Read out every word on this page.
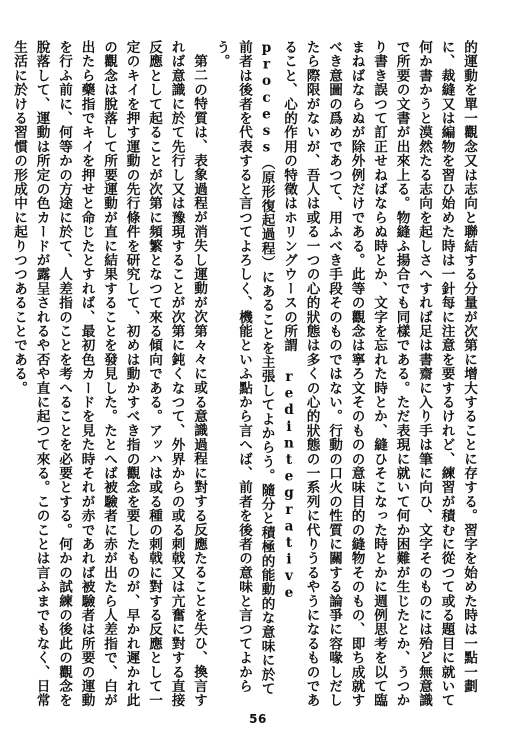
的運動を單一觀念又は志向と聯結する分量が次第に增大することに存する。習字を始めた時は一點一劃に、裁縫又は編物を習ひ始めた時は一針每に注意を要するけれど、練習が積むに從つて或る題目に就いて何か書かうと漠然たる志向を起しさへすれば足は書齋に入り手は筆に向ひ、文字そのものには殆ど無意識で所要の文書が出來上る。物縫ふ揚合でも同樣である。ただ表現に就いて何か困難が生じたとか、うつかり書き誤つて訂正せねばならぬ時とか、文字を忘れた時とか、縫ひそこなった時とかに週例思考を以て臨まねばならぬが除外例だけである。此等の觀念は寧ろ文そのものの意味目的の縫物そのもの、即ち成就すべき意圖の爲めであつて、用ふべき手段そのものではない。行動の口火の性質に關する論爭に容喙しだしたら際限がないが、吾人は或る一つの心的狀態は多くの心的狀態の一系列に代りうるやうになるものであること、心的作用の特徵はホリングウースの所謂 redintegrative process（原形復起過程）にあることを主張してよからう。隨分と積極的能動的な意味に於て前者は後者を代表すると言つてよろしく、機能といふ點から言へば、前者を後者の意味と言つてよからう。

第二の特質は、表象過程が消失し運動が次第々々に或る意識過程に對する反應たることを失ひ、換言すれば意識に於て先行し又は豫現することが次第に鈍くなつて、外界からの或る刺戟又は亢奮に對する直接反應として起ることが次第に頻繁となつて來る傾向である。アッハは或る種の刺戟に對する反應として一定のキイを押す運動の先行條件を研究して、初めは動かすべき指の觀念を要したものが、早かれ遲かれ此の觀念は脫落して所要運動が直に結果することを發見した。たとへば被驗者に赤が出たら人差指で、白が出たら藥指でキイを押せと命じたとすれば、最初色カードを見た時それが赤であれば被驗者は所要の運動を行ふ前に、何等かの方途に於て、人差指のことを考へることを必要とする。何かの試練の後此の觀念を脫落して、運動は所定の色カードが露呈されるや否や直に起つて來る。このことは言ふまでもなく、日常生活に於ける習慣の形成中に起りつつあることである。

56
